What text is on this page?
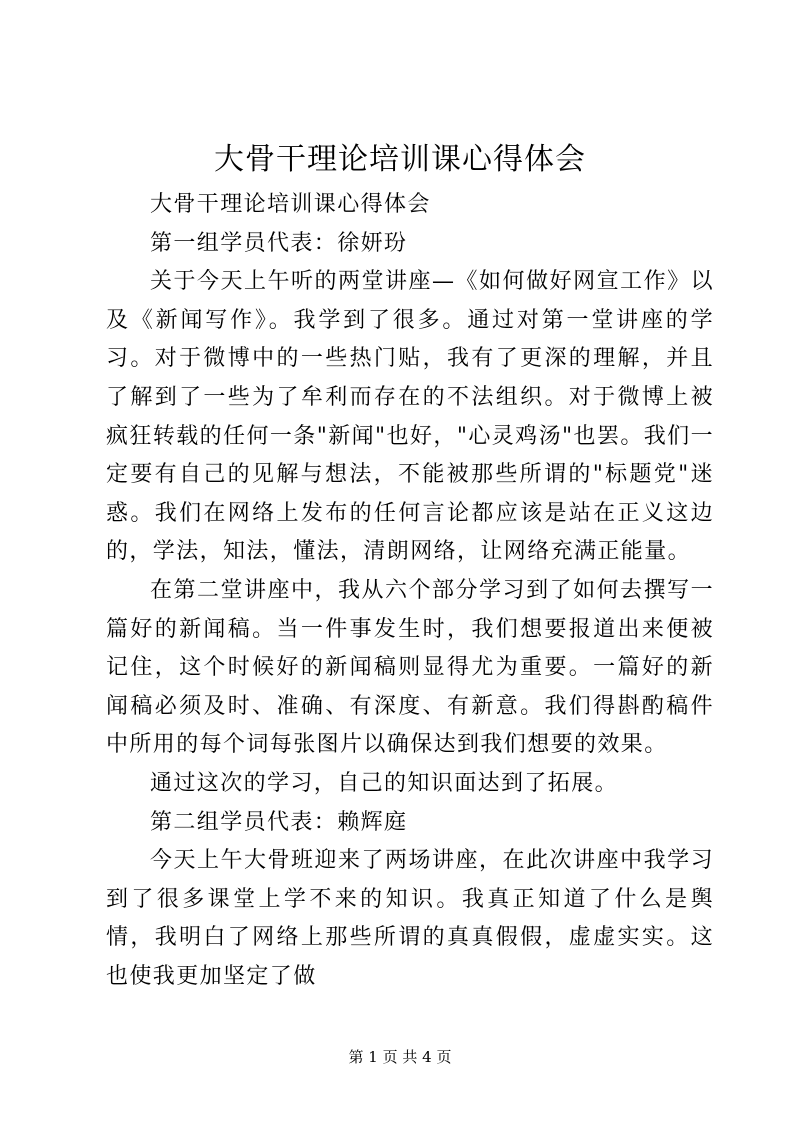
大骨干理论培训课心得体会

大骨干理论培训课心得体会

第一组学员代表：徐妍玢

关于今天上午听的两堂讲座—《如何做好网宣工作》以及《新闻写作》。我学到了很多。通过对第一堂讲座的学习。对于微博中的一些热门贴，我有了更深的理解，并且了解到了一些为了牟利而存在的不法组织。对于微博上被疯狂转载的任何一条"新闻"也好，"心灵鸡汤"也罢。我们一定要有自己的见解与想法，不能被那些所谓的"标题党"迷惑。我们在网络上发布的任何言论都应该是站在正义这边的，学法，知法，懂法，清朗网络，让网络充满正能量。

在第二堂讲座中，我从六个部分学习到了如何去撰写一篇好的新闻稿。当一件事发生时，我们想要报道出来便被记住，这个时候好的新闻稿则显得尤为重要。一篇好的新闻稿必须及时、准确、有深度、有新意。我们得斟酌稿件中所用的每个词每张图片以确保达到我们想要的效果。

通过这次的学习，自己的知识面达到了拓展。

第二组学员代表：赖辉庭

今天上午大骨班迎来了两场讲座，在此次讲座中我学习到了很多课堂上学不来的知识。我真正知道了什么是舆情，我明白了网络上那些所谓的真真假假，虚虚实实。这也使我更加坚定了做

第 1 页 共 4 页
